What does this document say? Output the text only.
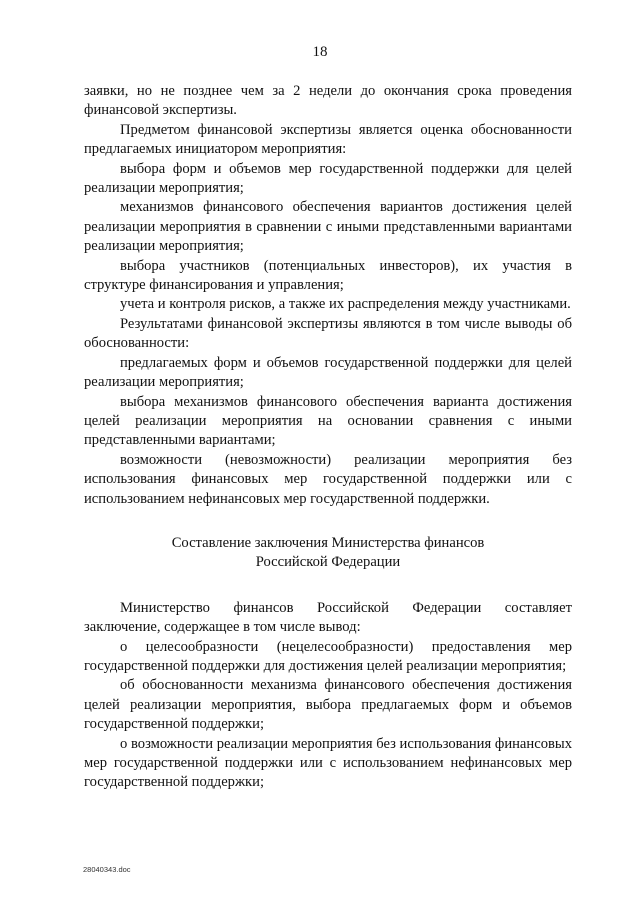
18

заявки, но не позднее чем за 2 недели до окончания срока проведения финансовой экспертизы.

Предметом финансовой экспертизы является оценка обоснованности предлагаемых инициатором мероприятия:

выбора форм и объемов мер государственной поддержки для целей реализации мероприятия;

механизмов финансового обеспечения вариантов достижения целей реализации мероприятия в сравнении с иными представленными вариантами реализации мероприятия;

выбора участников (потенциальных инвесторов), их участия в структуре финансирования и управления;

учета и контроля рисков, а также их распределения между участниками.

Результатами финансовой экспертизы являются в том числе выводы об обоснованности:

предлагаемых форм и объемов государственной поддержки для целей реализации мероприятия;

выбора механизмов финансового обеспечения варианта достижения целей реализации мероприятия на основании сравнения с иными представленными вариантами;

возможности (невозможности) реализации мероприятия без использования финансовых мер государственной поддержки или с использованием нефинансовых мер государственной поддержки.

Составление заключения Министерства финансов
Российской Федерации

Министерство финансов Российской Федерации составляет заключение, содержащее в том числе вывод:

о целесообразности (нецелесообразности) предоставления мер государственной поддержки для достижения целей реализации мероприятия;

об обоснованности механизма финансового обеспечения достижения целей реализации мероприятия, выбора предлагаемых форм и объемов государственной поддержки;

о возможности реализации мероприятия без использования финансовых мер государственной поддержки или с использованием нефинансовых мер государственной поддержки;

28040343.doc
